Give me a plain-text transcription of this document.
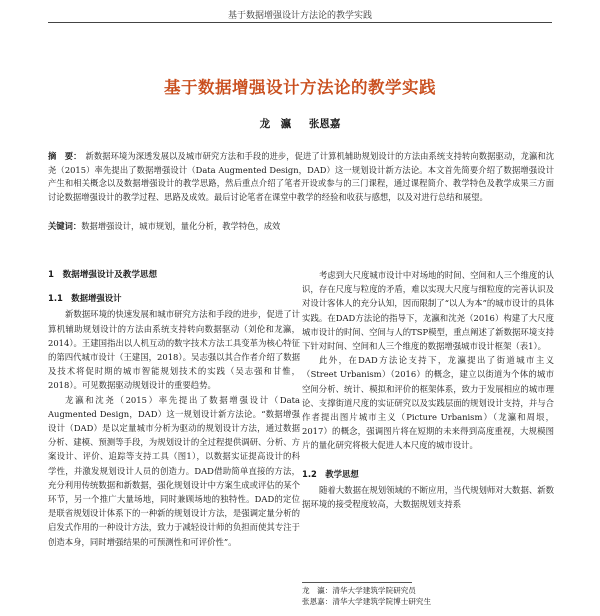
基于数据增强设计方法论的教学实践
基于数据增强设计方法论的教学实践
龙　瀛 张恩嘉
摘　要： 新数据环境为深透发展以及城市研究方法和手段的进步，促进了计算机辅助规划设计的方法由系统支持转向数据驱动，龙瀛和沈尧（2015）率先提出了数据增强设计（Data Augmented Design，DAD）这一规划设计新方法论。本文首先简要介绍了数据增强设计产生和相关概念以及数据增强设计的教学思路，然后重点介绍了笔者开设或参与的三门课程，通过课程简介、教学特色及教学成果三方面讨论数据增强设计的教学过程、思路及成效。最后讨论笔者在课堂中教学的经验和收获与感想，以及对进行总结和展望。
关键词：数据增强设计，城市规划，量化分析，教学特色，成效
1　数据增强设计及教学思想
1.1　数据增强设计

新数据环境的快速发展和城市研究方法和手段的进步，促进了计算机辅助规划设计的方法由系统支持转向数据驱动（刘伦和龙瀛，2014）。王建国指出以人机互动的数字技术方法工具变革为核心特征的第四代城市设计（王建国，2018）。吴志强以其合作者介绍了数据及技术将促时期的城市智能规划技术的实践（吴志强和甘惟，2018）。可见数据驱动规划设计的重要趋势。

龙瀛和沈尧（2015）率先提出了数据增强设计（Data Augmented Design，DAD）这一规划设计新方法论。“数据增强设计（DAD）是以定量城市分析为驱动的规划设计方法，通过数据分析、建模、预测等手段，为规划设计的全过程提供调研、分析、方案设计、评价、追踪等支持工具（图1），以数据实证提高设计的科学性，并激发规划设计人员的创造力。DAD借助简单直接的方法，充分利用传统数据和新数据，强化规划设计中方案生成或评估的某个环节，另一个推广大量场地，同时兼顾场地的独特性。DAD的定位是联省规划设计体系下的一种新的规划设计方法，是强调定量分析的启发式作用的一种设计方法，致力于减轻设计师的负担而使其专注于创造本身，同时增强结果的可预测性和可评价性”。

考虑到大尺度城市设计中对场地的时间、空间和人三个维度的认识，存在尺度与粒度的矛盾，难以实现大尺度与细粒度的完善认识及对设计客体人的充分认知，因而限制了“以人为本”的城市设计的具体实践。在DAD方法论的指导下，龙瀛和沈尧（2016）构建了大尺度城市设计的时间、空间与人的TSP模型，重点阐述了新数据环境支持下针对时间、空间和人三个维度的数据增强城市设计框架（表1）。

此外，在DAD方法论支持下，龙瀛提出了街道城市主义（Street Urbanism）（2016）的概念，建立以街道为个体的城市空间分析、统计、模拟和评价的框架体系，致力于发展相应的城市理论、支撑街道尺度的实证研究以及实践层面的规划设计支持，并与合作者提出图片城市主义（Picture Urbanism）（龙瀛和周垠，2017）的概念，强调图片将在短期的未来得到高度重视，大规模图片的量化研究将极大促进人本尺度的城市设计。

1.2　教学思想

随着大数据在规划领域的不断应用，当代规划师对大数据、新数据环境的接受程度较高，大数据规划支持系

龙　瀛：清华大学建筑学院研究员
张恩嘉：清华大学建筑学院博士研究生
